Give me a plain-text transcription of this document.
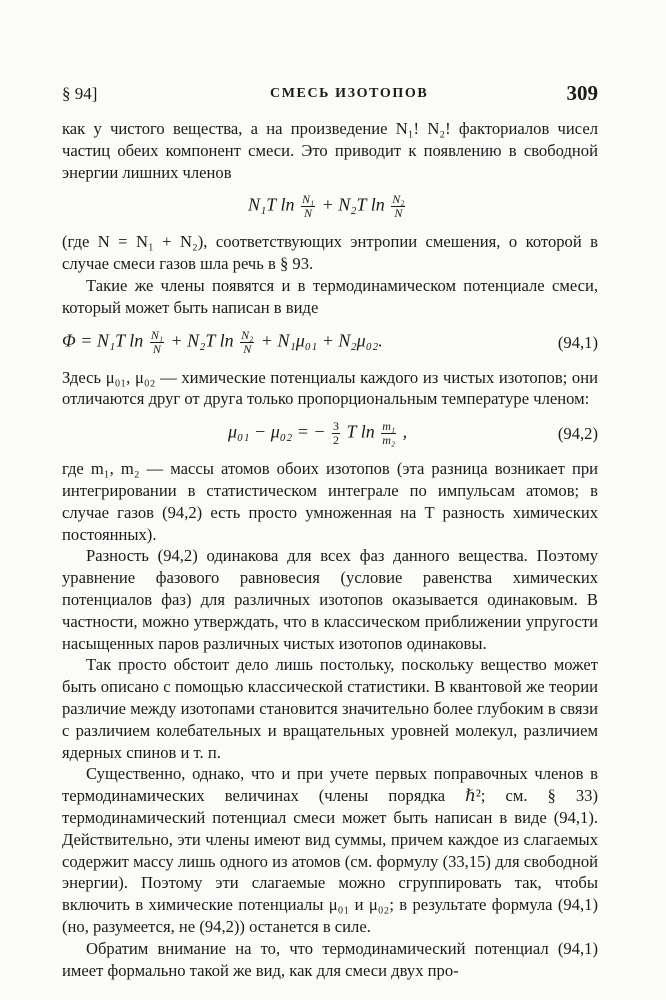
§ 94]	СМЕСЬ ИЗОТОПОВ	309

как у чистого вещества, а на произведение N₁! N₂! факториалов чисел частиц обеих компонент смеси. Это приводит к появлению в свободной энергии лишних членов

N₁T $\ln \frac{\text{N₁}}{N} + N_2T$ $\ln \frac{\text{N₂}}{N}$

(где N = N₁ + N₂), соответствующих энтропии смешения, о которой в случае смеси газов шла речь в § 93.

Такие же члены появятся и в термодинамическом потенциале смеси, который может быть написан в виде

Φ = N₁T $\ln \frac{\text{N₁}}{N} + N_2T$ $\ln \frac{\text{N₂}}{N} + N_1\mu_{01} + N_2\mu_{02}$.	(94,1)

Здесь μ₀₁, μ₀₂ — химические потенциалы каждого из чистых изотопов; они отличаются друг от друга только пропорциональным температуре членом:

μ₀₁ − μ₀₂ = − $\frac{3}{2}$ T $\ln \frac{\text{m₁}}{\text{m₂}}$ ,	(94,2)

где m₁, m₂ — массы атомов обоих изотопов (эта разница возникает при интегрировании в статистическом интеграле по импульсам атомов; в случае газов (94,2) есть просто умноженная на T разность химических постоянных).

Разность (94,2) одинакова для всех фаз данного вещества. Поэтому уравнение фазового равновесия (условие равенства химических потенциалов фаз) для различных изотопов оказывается одинаковым. В частности, можно утверждать, что в классическом приближении упругости насыщенных паров различных чистых изотопов одинаковы.

Так просто обстоит дело лишь постольку, поскольку вещество может быть описано с помощью классической статистики. В квантовой же теории различие между изотопами становится значительно более глубоким в связи с различием колебательных и вращательных уровней молекул, различием ядерных спинов и т. п.

Существенно, однако, что и при учете первых поправочных членов в термодинамических величинах (члены порядка ℏ²; см. § 33) термодинамический потенциал смеси может быть написан в виде (94,1). Действительно, эти члены имеют вид суммы, причем каждое из слагаемых содержит массу лишь одного из атомов (см. формулу (33,15) для свободной энергии). Поэтому эти слагаемые можно сгруппировать так, чтобы включить в химические потенциалы μ₀₁ и μ₀₂; в результате формула (94,1) (но, разумеется, не (94,2)) останется в силе.

Обратим внимание на то, что термодинамический потенциал (94,1) имеет формально такой же вид, как для смеси двух про-
